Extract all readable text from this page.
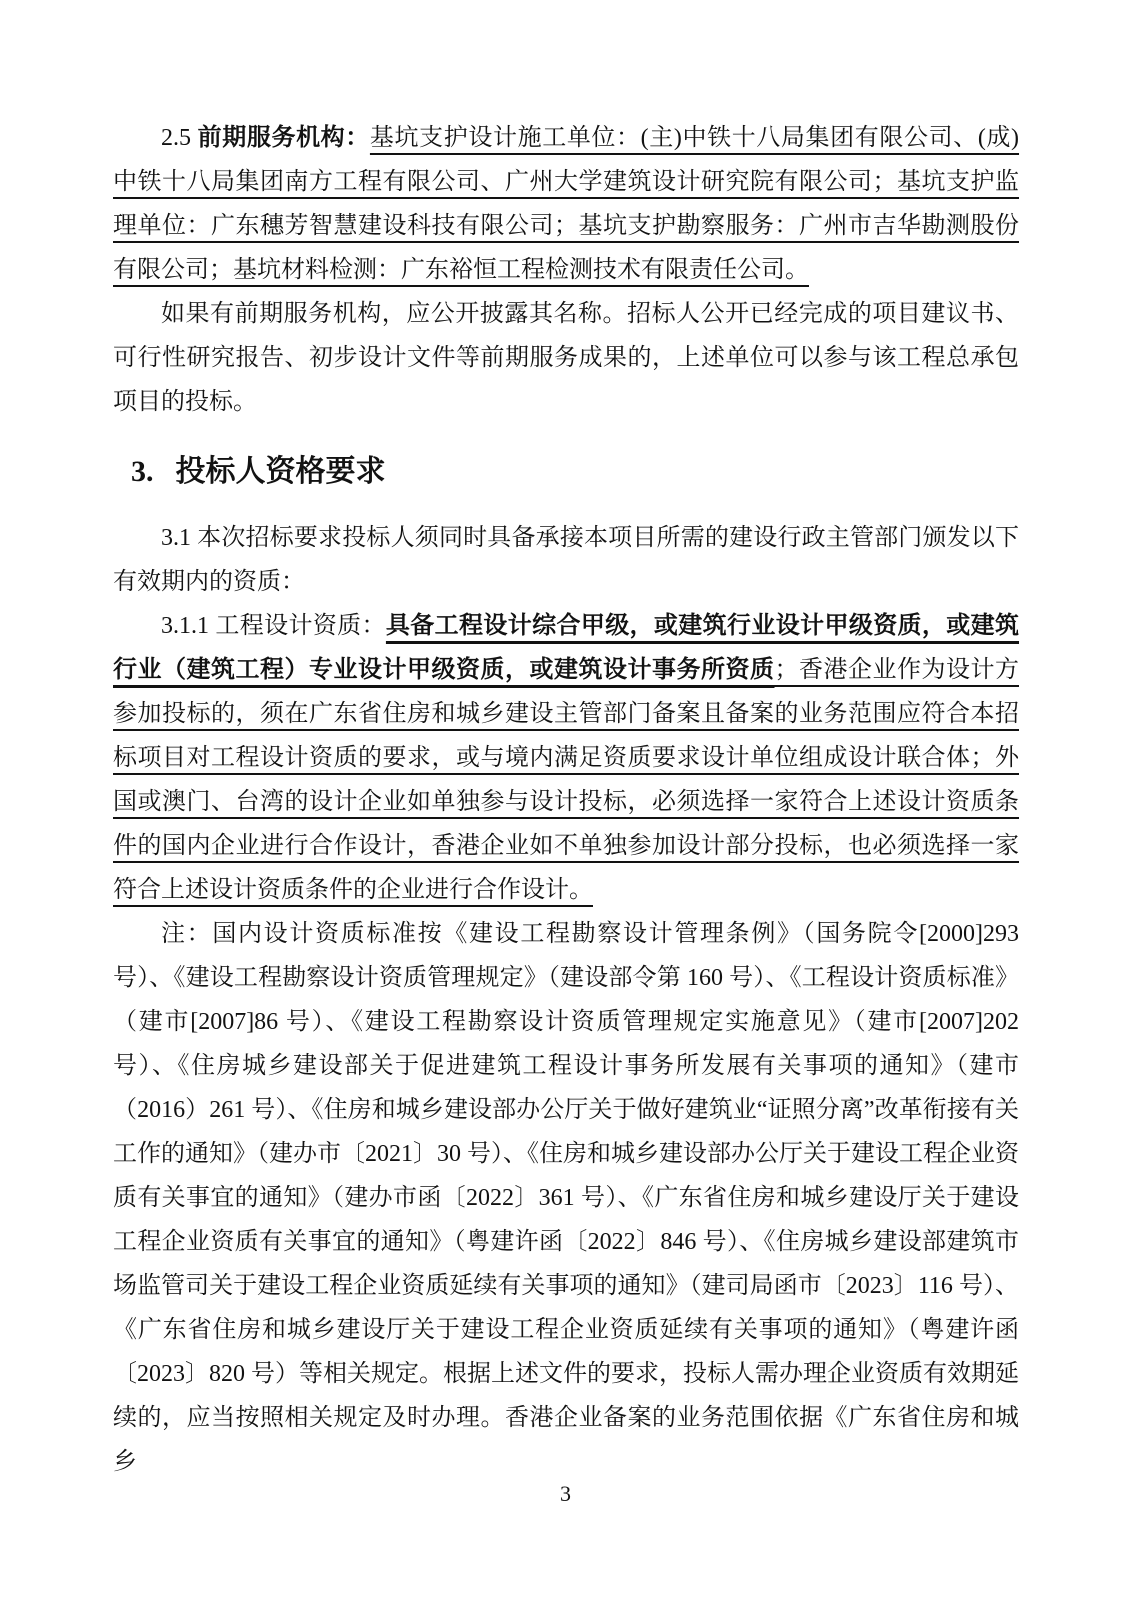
2.5 前期服务机构：基坑支护设计施工单位：(主)中铁十八局集团有限公司、(成)中铁十八局集团南方工程有限公司、广州大学建筑设计研究院有限公司；基坑支护监理单位：广东穗芳智慧建设科技有限公司；基坑支护勘察服务：广州市吉华勘测股份有限公司；基坑材料检测：广东裕恒工程检测技术有限责任公司。

如果有前期服务机构，应公开披露其名称。招标人公开已经完成的项目建议书、可行性研究报告、初步设计文件等前期服务成果的，上述单位可以参与该工程总承包项目的投标。

3. 投标人资格要求

3.1 本次招标要求投标人须同时具备承接本项目所需的建设行政主管部门颁发以下有效期内的资质：

3.1.1 工程设计资质：具备工程设计综合甲级，或建筑行业设计甲级资质，或建筑行业（建筑工程）专业设计甲级资质，或建筑设计事务所资质；香港企业作为设计方参加投标的，须在广东省住房和城乡建设主管部门备案且备案的业务范围应符合本招标项目对工程设计资质的要求，或与境内满足资质要求设计单位组成设计联合体；外国或澳门、台湾的设计企业如单独参与设计投标，必须选择一家符合上述设计资质条件的国内企业进行合作设计，香港企业如不单独参加设计部分投标，也必须选择一家符合上述设计资质条件的企业进行合作设计。

注：国内设计资质标准按《建设工程勘察设计管理条例》（国务院令[2000]293 号）、《建设工程勘察设计资质管理规定》（建设部令第 160 号）、《工程设计资质标准》（建市[2007]86 号）、《建设工程勘察设计资质管理规定实施意见》（建市[2007]202 号）、《住房城乡建设部关于促进建筑工程设计事务所发展有关事项的通知》（建市（2016）261 号）、《住房和城乡建设部办公厅关于做好建筑业“证照分离”改革衔接有关工作的通知》（建办市〔2021〕30 号）、《住房和城乡建设部办公厅关于建设工程企业资质有关事宜的通知》（建办市函〔2022〕361 号）、《广东省住房和城乡建设厅关于建设工程企业资质有关事宜的通知》（粤建许函〔2022〕846 号）、《住房城乡建设部建筑市场监管司关于建设工程企业资质延续有关事项的通知》（建司局函市〔2023〕116 号）、《广东省住房和城乡建设厅关于建设工程企业资质延续有关事项的通知》（粤建许函〔2023〕820 号）等相关规定。根据上述文件的要求，投标人需办理企业资质有效期延续的，应当按照相关规定及时办理。香港企业备案的业务范围依据《广东省住房和城乡

3
